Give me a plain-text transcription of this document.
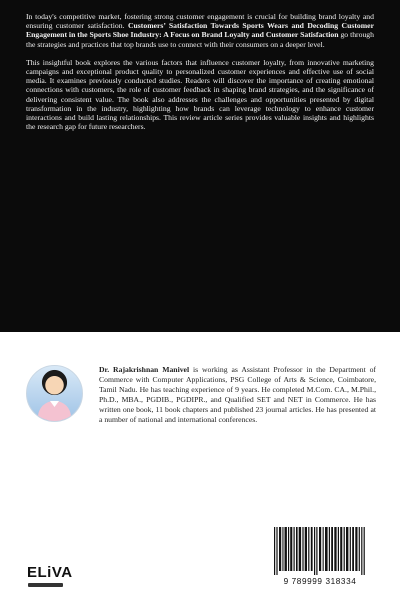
In today's competitive market, fostering strong customer engagement is crucial for building brand loyalty and ensuring customer satisfaction. Customers’ Satisfaction Towards Sports Wears and Decoding Customer Engagement in the Sports Shoe Industry: A Focus on Brand Loyalty and Customer Satisfaction go through the strategies and practices that top brands use to connect with their consumers on a deeper level.

This insightful book explores the various factors that influence customer loyalty, from innovative marketing campaigns and exceptional product quality to personalized customer experiences and effective use of social media. It examines previously conducted studies. Readers will discover the importance of creating emotional connections with customers, the role of customer feedback in shaping brand strategies, and the significance of delivering consistent value. The book also addresses the challenges and opportunities presented by digital transformation in the industry, highlighting how brands can leverage technology to enhance customer interactions and build lasting relationships. This review article series provides valuable insights and highlights the research gap for future researchers.

Dr. Rajakrishnan Manivel is working as Assistant Professor in the Department of Commerce with Computer Applications, PSG College of Arts & Science, Coimbatore, Tamil Nadu. He has teaching experience of 9 years. He completed M.Com. CA., M.Phil., Ph.D., MBA., PGDIB., PGDIPR., and Qualified SET and NET in Commerce. He has written one book, 11 book chapters and published 23 journal articles. He has presented at a number of national and international conferences.

ELiVA
9 789999 318334
